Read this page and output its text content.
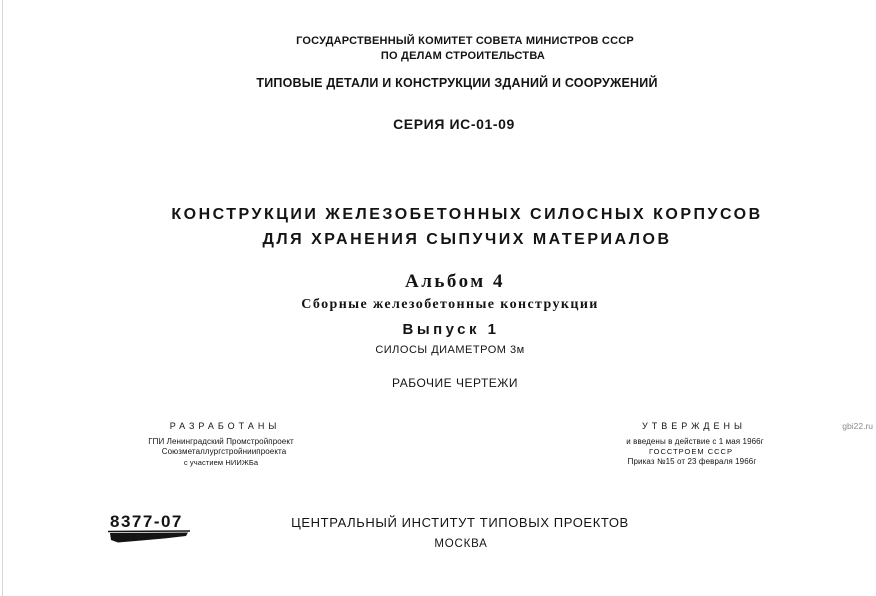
ГОСУДАРСТВЕННЫЙ КОМИТЕТ СОВЕТА МИНИСТРОВ СССР
ПО ДЕЛАМ СТРОИТЕЛЬСТВА
ТИПОВЫЕ ДЕТАЛИ И КОНСТРУКЦИИ ЗДАНИЙ И СООРУЖЕНИЙ
СЕРИЯ ИС-01-09
КОНСТРУКЦИИ ЖЕЛЕЗОБЕТОННЫХ СИЛОСНЫХ КОРПУСОВ
ДЛЯ ХРАНЕНИЯ СЫПУЧИХ МАТЕРИАЛОВ
Альбом 4
Сборные железобетонные конструкции
Выпуск 1
СИЛОСЫ ДИАМЕТРОМ 3м
РАБОЧИЕ ЧЕРТЕЖИ
РАЗРАБОТАНЫ
ГПИ Ленинградский Промстройпроект
Союзметаллургстройниипроекта
с участием НИИЖБа
УТВЕРЖДЕНЫ
и введены в действие с 1 мая 1966г
ГОССТРОЕМ СССР
Приказ №15 от 23 февраля 1966г
gbi22.ru
8377-07	ЦЕНТРАЛЬНЫЙ ИНСТИТУТ ТИПОВЫХ ПРОЕКТОВ
МОСКВА
